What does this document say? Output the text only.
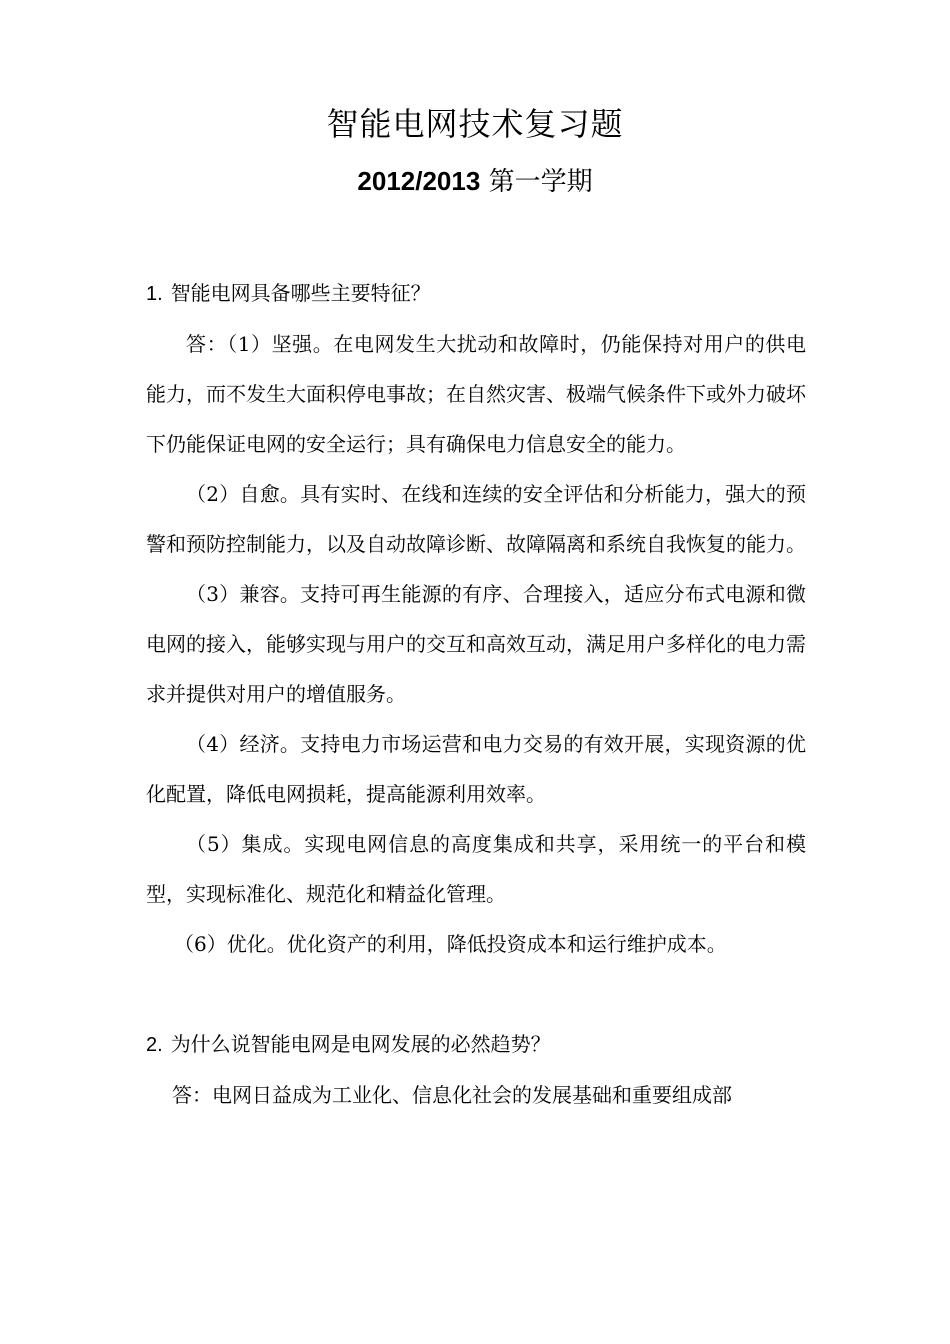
智能电网技术复习题
2012/2013 第一学期

1. 智能电网具备哪些主要特征？

答：（1）坚强。在电网发生大扰动和故障时，仍能保持对用户的供电能力，而不发生大面积停电事故；在自然灾害、极端气候条件下或外力破坏下仍能保证电网的安全运行；具有确保电力信息安全的能力。

（2）自愈。具有实时、在线和连续的安全评估和分析能力，强大的预警和预防控制能力，以及自动故障诊断、故障隔离和系统自我恢复的能力。

（3）兼容。支持可再生能源的有序、合理接入，适应分布式电源和微电网的接入，能够实现与用户的交互和高效互动，满足用户多样化的电力需求并提供对用户的增值服务。

（4）经济。支持电力市场运营和电力交易的有效开展，实现资源的优化配置，降低电网损耗，提高能源利用效率。

（5）集成。实现电网信息的高度集成和共享，采用统一的平台和模型，实现标准化、规范化和精益化管理。

（6）优化。优化资产的利用，降低投资成本和运行维护成本。

2. 为什么说智能电网是电网发展的必然趋势？

答：电网日益成为工业化、信息化社会的发展基础和重要组成部
